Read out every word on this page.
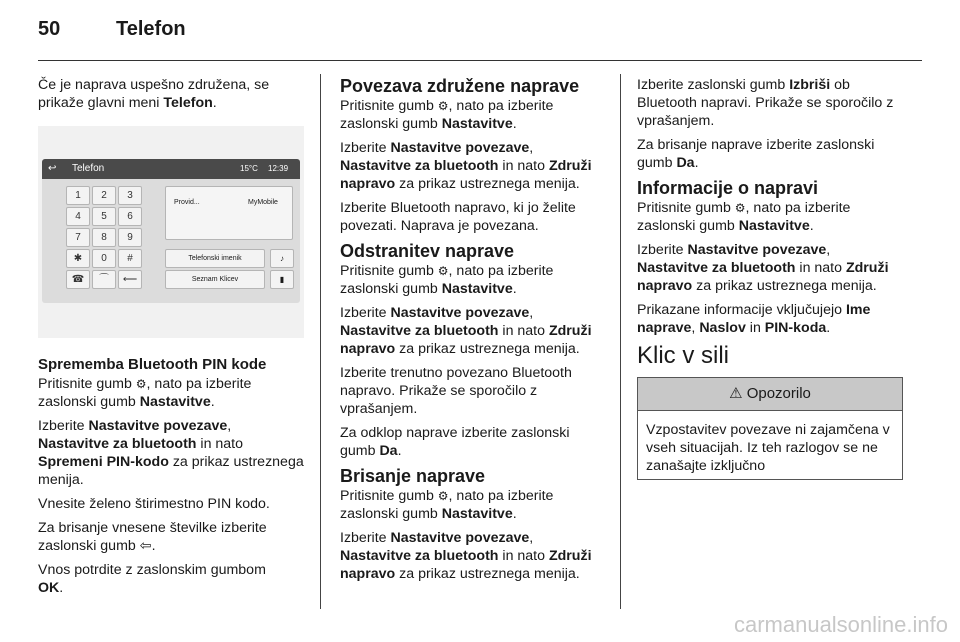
50	Telefon

Če je naprava uspešno združena, se prikaže glavni meni Telefon.

↩ Telefon	15°C 12:39
1	2	3
4	5	6
7	8	9
✱	0	#
☎	⌒	⟵
Provid...	MyMobile
Telefonski imenik
Seznam Klicev
♪
▮
Sprememba Bluetooth PIN kode

Pritisnite gumb ⚙, nato pa izberite zaslonski gumb Nastavitve.

Izberite Nastavitve povezave,
Nastavitve za bluetooth in nato
Spremeni PIN-kodo za prikaz ustreznega menija.

Vnesite želeno štirimestno PIN kodo.

Za brisanje vnesene številke izberite zaslonski gumb ⇦.

Vnos potrdite z zaslonskim gumbom
OK.

Povezava združene naprave

Pritisnite gumb ⚙, nato pa izberite zaslonski gumb Nastavitve.

Izberite Nastavitve povezave,
Nastavitve za bluetooth in nato Združi napravo za prikaz ustreznega menija.

Izberite Bluetooth napravo, ki jo želite povezati. Naprava je povezana.

Odstranitev naprave

Pritisnite gumb ⚙, nato pa izberite zaslonski gumb Nastavitve.

Izberite Nastavitve povezave,
Nastavitve za bluetooth in nato Združi napravo za prikaz ustreznega menija.

Izberite trenutno povezano Bluetooth napravo. Prikaže se sporočilo z vprašanjem.

Za odklop naprave izberite zaslonski gumb Da.

Brisanje naprave

Pritisnite gumb ⚙, nato pa izberite zaslonski gumb Nastavitve.

Izberite Nastavitve povezave,
Nastavitve za bluetooth in nato Združi napravo za prikaz ustreznega menija.

Izberite zaslonski gumb Izbriši ob Bluetooth napravi. Prikaže se sporočilo z vprašanjem.

Za brisanje naprave izberite zaslonski gumb Da.

Informacije o napravi

Pritisnite gumb ⚙, nato pa izberite zaslonski gumb Nastavitve.

Izberite Nastavitve povezave,
Nastavitve za bluetooth in nato Združi napravo za prikaz ustreznega menija.

Prikazane informacije vključujejo Ime naprave, Naslov in PIN-koda.

Klic v sili
⚠ Opozorilo
Vzpostavitev povezave ni zajamčena v vseh situacijah. Iz teh razlogov se ne zanašajte izključno
carmanualsonline.info
